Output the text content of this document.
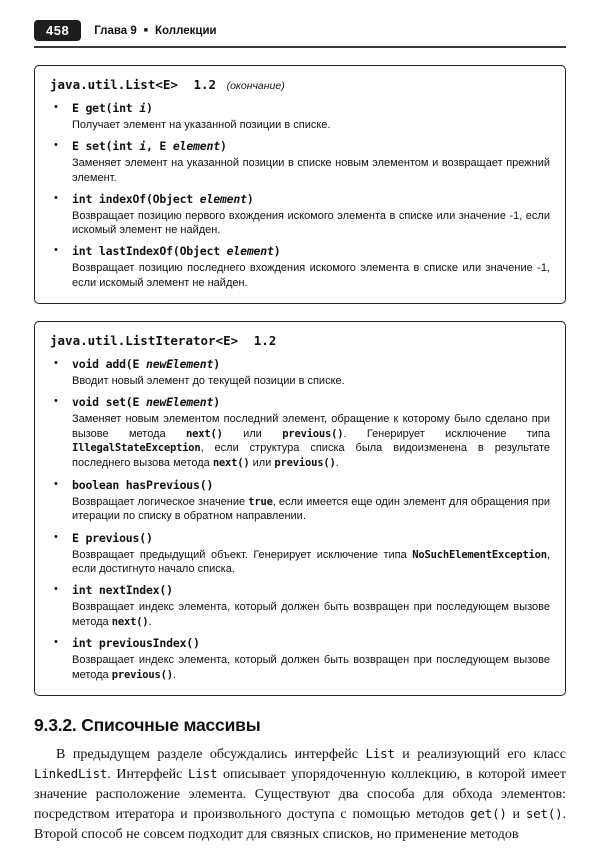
458	Глава 9 ■ Коллекции
java.util.List<E> 1.2 (окончание)
• E get(int i)
Получает элемент на указанной позиции в списке.
• E set(int i, E element)
Заменяет элемент на указанной позиции в списке новым элементом и возвращает прежний элемент.
• int indexOf(Object element)
Возвращает позицию первого вхождения искомого элемента в списке или значение -1, если искомый элемент не найден.
• int lastIndexOf(Object element)
Возвращает позицию последнего вхождения искомого элемента в списке или значение -1, если искомый элемент не найден.
java.util.ListIterator<E> 1.2
• void add(E newElement)
Вводит новый элемент до текущей позиции в списке.
• void set(E newElement)
Заменяет новым элементом последний элемент, обращение к которому было сделано при вызове метода next() или previous(). Генерирует исключение типа IllegalStateException, если структура списка была видоизменена в результате последнего вызова метода next() или previous().
• boolean hasPrevious()
Возвращает логическое значение true, если имеется еще один элемент для обращения при итерации по списку в обратном направлении.
• E previous()
Возвращает предыдущий объект. Генерирует исключение типа NoSuchElementException, если достигнуто начало списка.
• int nextIndex()
Возвращает индекс элемента, который должен быть возвращен при последующем вызове метода next().
• int previousIndex()
Возвращает индекс элемента, который должен быть возвращен при последующем вызове метода previous().
9.3.2. Списочные массивы

В предыдущем разделе обсуждались интерфейс List и реализующий его класс LinkedList. Интерфейс List описывает упорядоченную коллекцию, в которой имеет значение расположение элемента. Существуют два способа для обхода элементов: посредством итератора и произвольного доступа с помощью методов get() и set(). Второй способ не совсем подходит для связных списков, но применение методов
